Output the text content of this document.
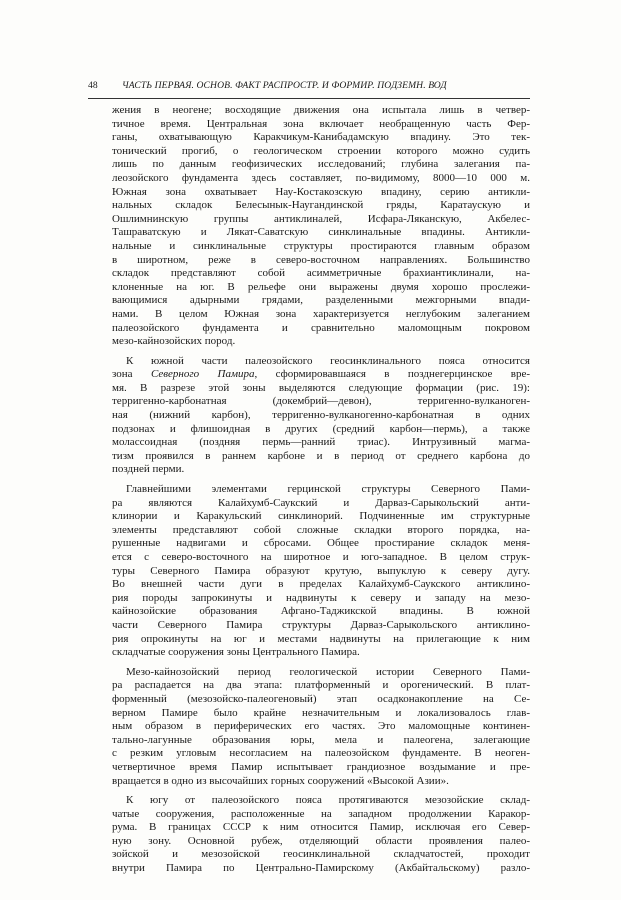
48	ЧАСТЬ ПЕРВАЯ. ОСНОВ. ФАКТ РАСПРОСТР. И ФОРМИР. ПОДЗЕМН. ВОД
жения в неогене; восходящие движения она испытала лишь в четвер-
тичное время. Центральная зона включает необращенную часть Фер-
ганы, охватывающую Каракчикум-Канибадамскую впадину. Это тек-
тонический прогиб, о геологическом строении которого можно судить
лишь по данным геофизических исследований; глубина залегания па-
леозойского фундамента здесь составляет, по-видимому, 8000—10 000 м.
Южная зона охватывает Нау-Костакозскую впадину, серию антикли-
нальных складок Белесынык-Наугандинской гряды, Каратаускую и
Ошлимнинскую группы антиклиналей, Исфара-Ляканскую, Акбелес-
Ташраватскую и Лякат-Саватскую синклинальные впадины. Антикли-
нальные и синклинальные структуры простираются главным образом
в широтном, реже в северо-восточном направлениях. Большинство
складок представляют собой асимметричные брахиантиклинали, на-
клоненные на юг. В рельефе они выражены двумя хорошо прослежи-
вающимися адырными грядами, разделенными межгорными впади-
нами. В целом Южная зона характеризуется неглубоким залеганием
палеозойского фундамента и сравнительно маломощным покровом
мезо-кайнозойских пород.
К южной части палеозойского геосинклинального пояса относится
зона Северного Памира, сформировавшаяся в позднегерцинское вре-
мя. В разрезе этой зоны выделяются следующие формации (рис. 19):
терригенно-карбонатная (докембрий—девон), терригенно-вулканоген-
ная (нижний карбон), терригенно-вулканогенно-карбонатная в одних
подзонах и флишоидная в других (средний карбон—пермь), а также
молассоидная (поздняя пермь—ранний триас). Интрузивный магма-
тизм проявился в раннем карбоне и в период от среднего карбона до
поздней перми.
Главнейшими элементами герцинской структуры Северного Пами-
ра являются Калайхумб-Саукский и Дарваз-Сарыкольский анти-
клинории и Каракульский синклинорий. Подчиненные им структурные
элементы представляют собой сложные складки второго порядка, на-
рушенные надвигами и сбросами. Общее простирание складок меня-
ется с северо-восточного на широтное и юго-западное. В целом струк-
туры Северного Памира образуют крутую, выпуклую к северу дугу.
Во внешней части дуги в пределах Калайхумб-Саукского антиклино-
рия породы запрокинуты и надвинуты к северу и западу на мезо-
кайнозойские образования Афгано-Таджикской впадины. В южной
части Северного Памира структуры Дарваз-Сарыкольского антиклино-
рия опрокинуты на юг и местами надвинуты на прилегающие к ним
складчатые сооружения зоны Центрального Памира.
Мезо-кайнозойский период геологической истории Северного Пами-
ра распадается на два этапа: платформенный и орогенический. В плат-
форменный (мезозойско-палеогеновый) этап осадконакопление на Се-
верном Памире было крайне незначительным и локализовалось глав-
ным образом в периферических его частях. Это маломощные континен-
тально-лагунные образования юры, мела и палеогена, залегающие
с резким угловым несогласием на палеозойском фундаменте. В неоген-
четвертичное время Памир испытывает грандиозное воздымание и пре-
вращается в одно из высочайших горных сооружений «Высокой Азии».
К югу от палеозойского пояса протягиваются мезозойские склад-
чатые сооружения, расположенные на западном продолжении Каракор-
рума. В границах СССР к ним относится Памир, исключая его Север-
ную зону. Основной рубеж, отделяющий области проявления палео-
зойской и мезозойской геосинклинальной складчатостей, проходит
внутри Памира по Центрально-Памирскому (Акбайтальскому) разло-
